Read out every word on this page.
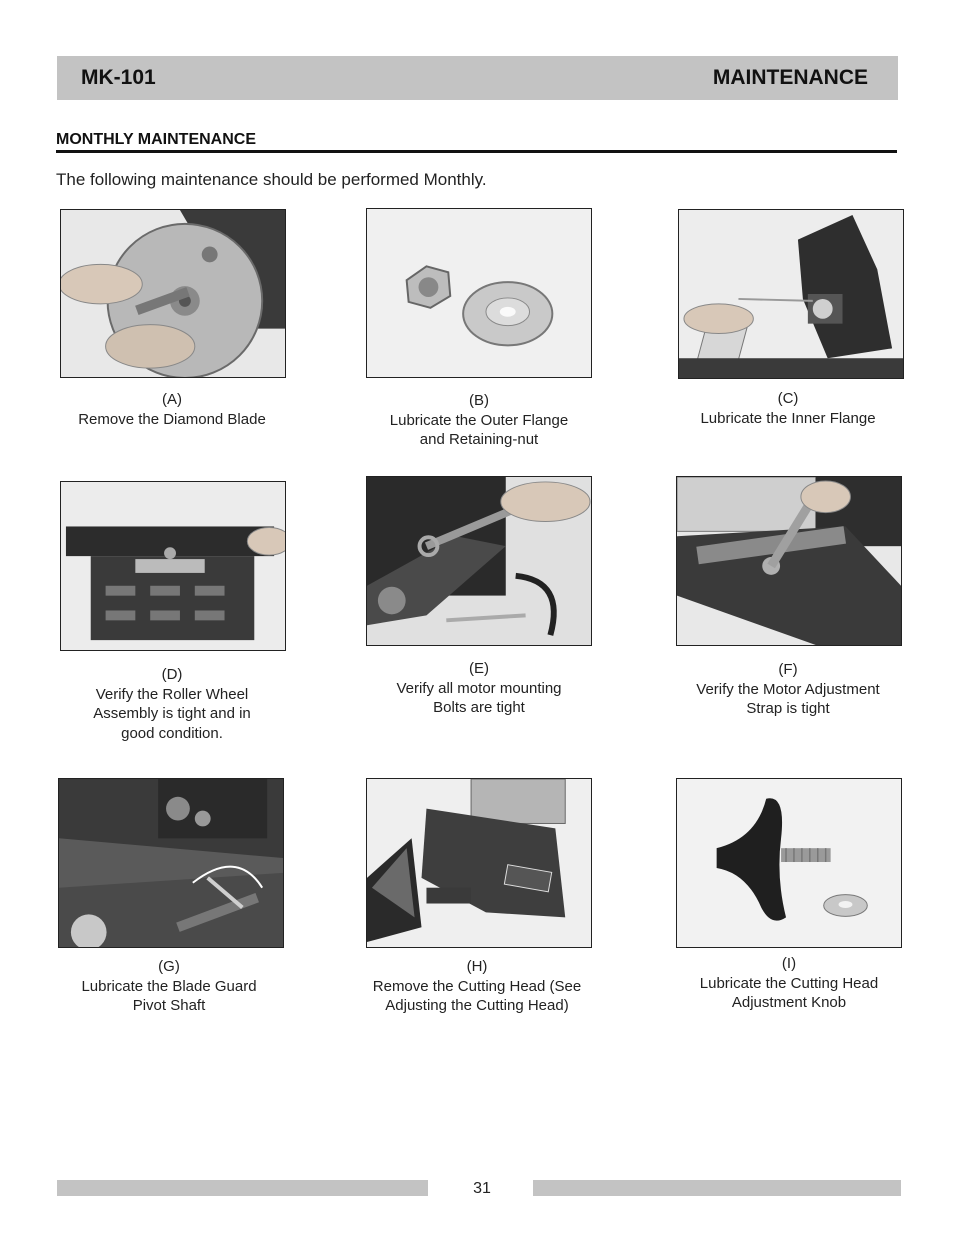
MK-101	MAINTENANCE
MONTHLY MAINTENANCE
The following maintenance should be performed Monthly.
(A)
Remove the Diamond Blade
(B)
Lubricate the Outer Flange
and Retaining-nut
(C)
Lubricate the Inner Flange
(D)
Verify the Roller Wheel
Assembly is tight and in
good condition.
(E)
Verify all motor mounting
Bolts are tight
(F)
Verify the Motor Adjustment
Strap is tight
(G)
Lubricate the Blade Guard
Pivot Shaft
(H)
Remove the Cutting Head (See
Adjusting the Cutting Head)
(I)
Lubricate the Cutting Head
Adjustment Knob
31
